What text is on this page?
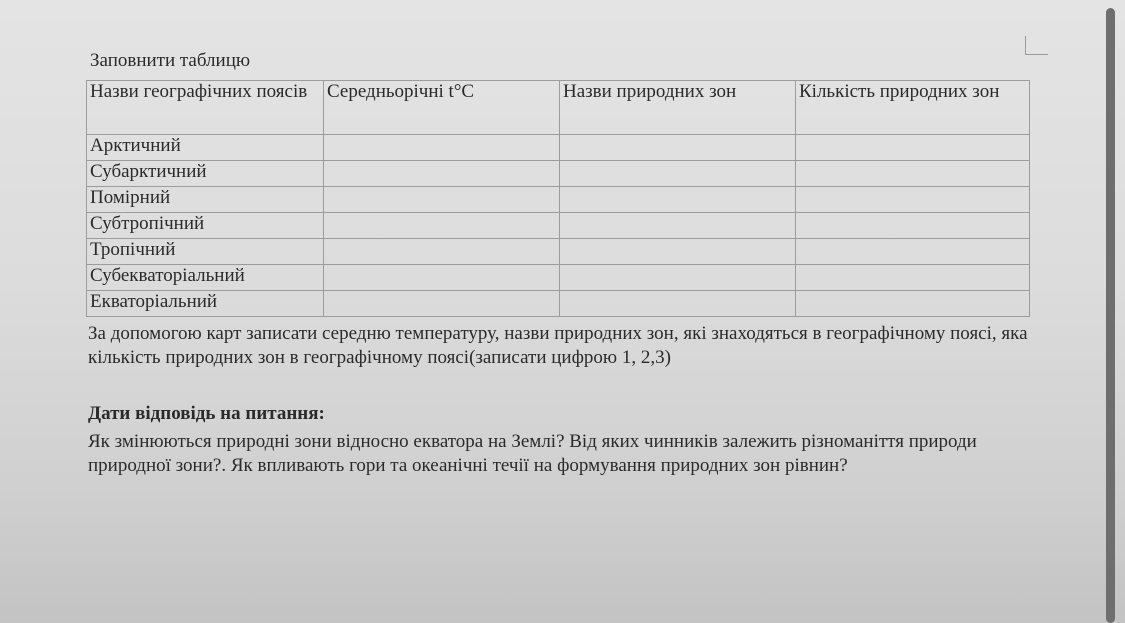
Заповнити таблицю

Назви географічних поясів	Середньорічні t°C	Назви природних зон	Кількість природних зон
Арктичний			
Субарктичний			
Помірний			
Субтропічний			
Тропічний			
Субекваторіальний			
Екваторіальний			

За допомогою карт записати середню температуру, назви природних зон, які знаходяться в географічному поясі, яка кількість природних зон в географічному поясі(записати цифрою 1, 2,3)

Дати відповідь на питання:

Як змінюються природні зони відносно екватора на Землі? Від яких чинників залежить різноманіття природи природної зони?. Як впливають гори та океанічні течії на формування природних зон рівнин?
